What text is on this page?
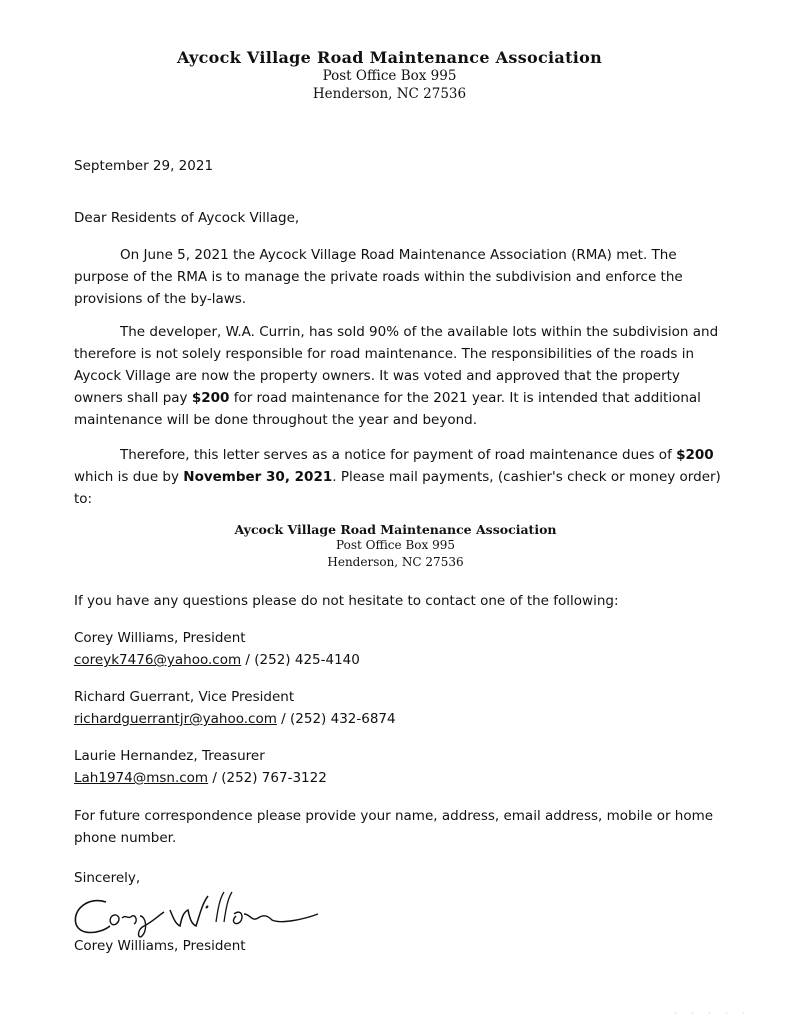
Aycock Village Road Maintenance Association
Post Office Box 995
Henderson, NC 27536
September 29, 2021
Dear Residents of Aycock Village,

On June 5, 2021 the Aycock Village Road Maintenance Association (RMA) met. The purpose of the RMA is to manage the private roads within the subdivision and enforce the provisions of the by-laws.

The developer, W.A. Currin, has sold 90% of the available lots within the subdivision and therefore is not solely responsible for road maintenance. The responsibilities of the roads in Aycock Village are now the property owners. It was voted and approved that the property owners shall pay $200 for road maintenance for the 2021 year. It is intended that additional maintenance will be done throughout the year and beyond.

Therefore, this letter serves as a notice for payment of road maintenance dues of $200 which is due by November 30, 2021. Please mail payments, (cashier's check or money order) to:

Aycock Village Road Maintenance Association
Post Office Box 995
Henderson, NC 27536
If you have any questions please do not hesitate to contact one of the following:
Corey Williams, President
coreyk7476@yahoo.com / (252) 425-4140
Richard Guerrant, Vice President
richardguerrantjr@yahoo.com / (252) 432-6874
Laurie Hernandez, Treasurer
Lah1974@msn.com / (252) 767-3122

For future correspondence please provide your name, address, email address, mobile or home phone number.

Sincerely,
Corey Williams, President
· · · · ·
